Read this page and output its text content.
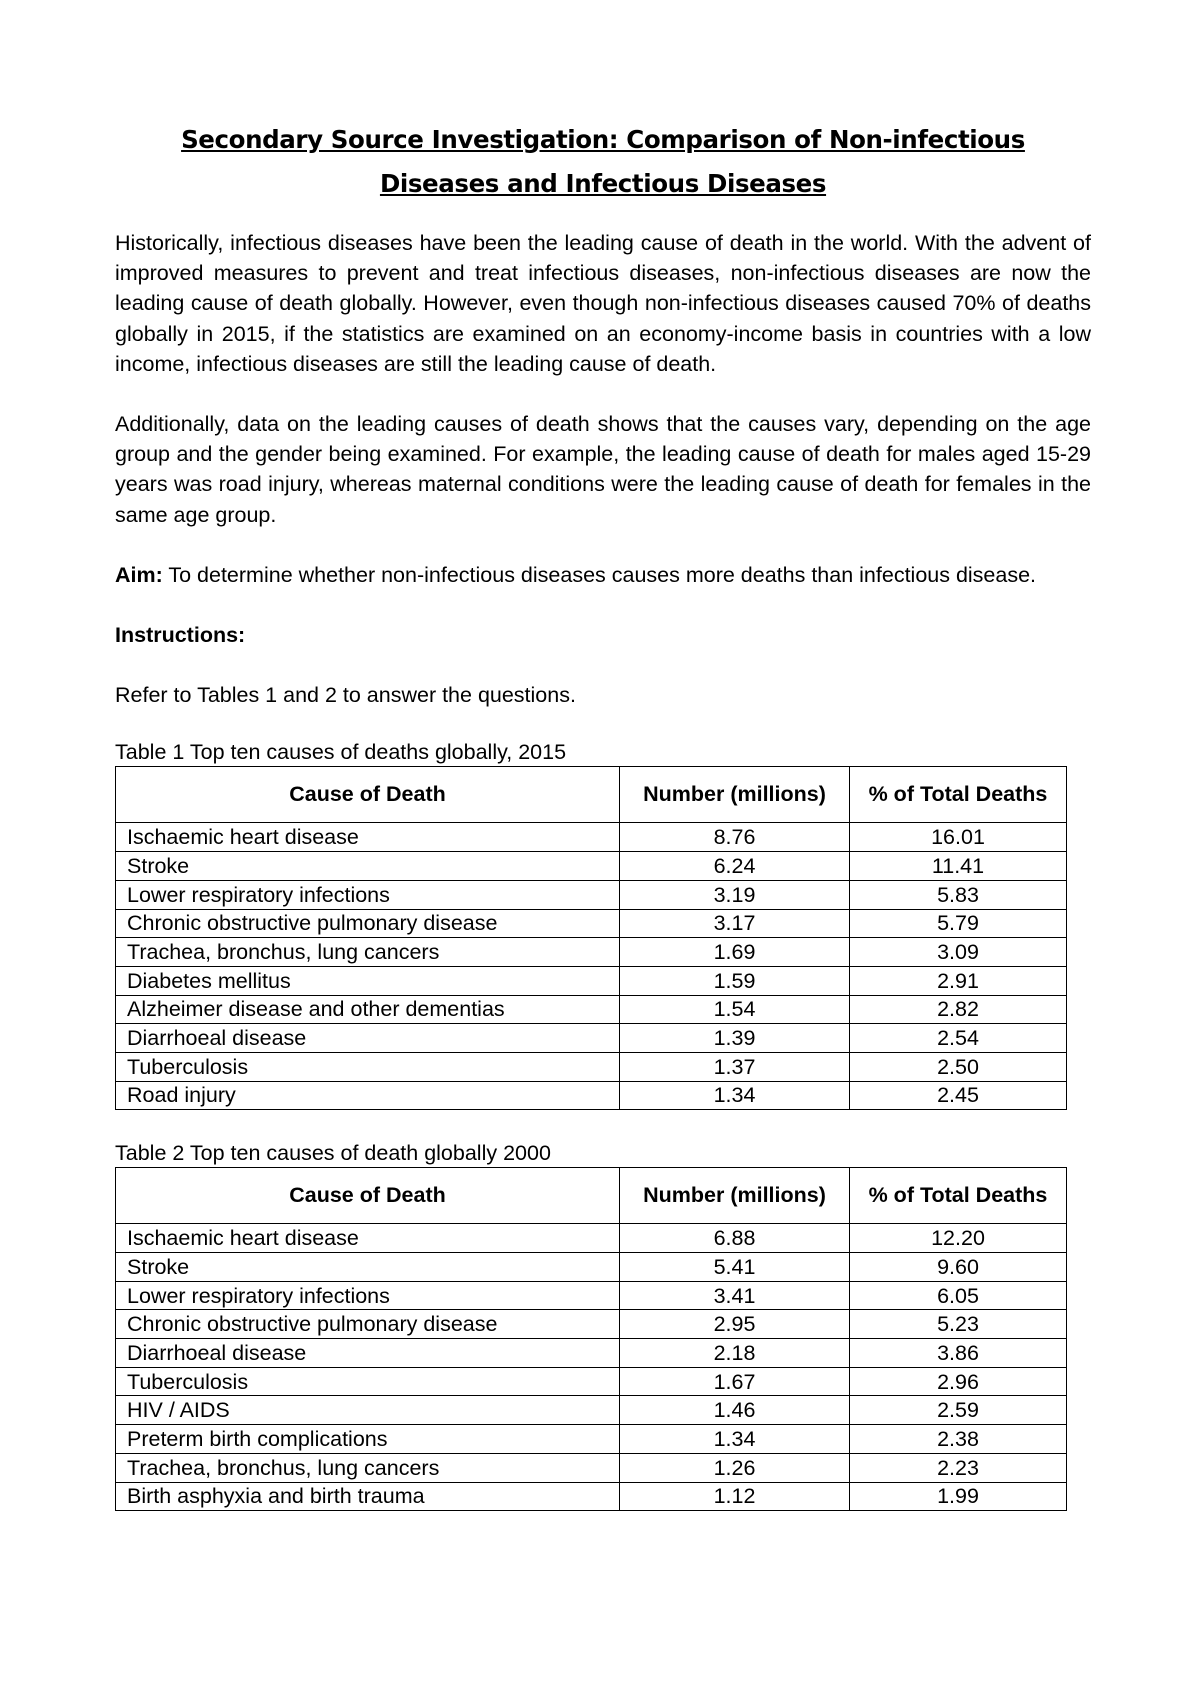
Secondary Source Investigation: Comparison of Non-infectious
Diseases and Infectious Diseases

Historically, infectious diseases have been the leading cause of death in the world. With the advent of improved measures to prevent and treat infectious diseases, non-infectious diseases are now the leading cause of death globally. However, even though non-infectious diseases caused 70% of deaths globally in 2015, if the statistics are examined on an economy-income basis in countries with a low income, infectious diseases are still the leading cause of death.

Additionally, data on the leading causes of death shows that the causes vary, depending on the age group and the gender being examined. For example, the leading cause of death for males aged 15-29 years was road injury, whereas maternal conditions were the leading cause of death for females in the same age group.

Aim: To determine whether non-infectious diseases causes more deaths than infectious disease.

Instructions:

Refer to Tables 1 and 2 to answer the questions.

Table 1 Top ten causes of deaths globally, 2015

Cause of Death	Number (millions)	% of Total Deaths
Ischaemic heart disease	8.76	16.01
Stroke	6.24	11.41
Lower respiratory infections	3.19	5.83
Chronic obstructive pulmonary disease	3.17	5.79
Trachea, bronchus, lung cancers	1.69	3.09
Diabetes mellitus	1.59	2.91
Alzheimer disease and other dementias	1.54	2.82
Diarrhoeal disease	1.39	2.54
Tuberculosis	1.37	2.50
Road injury	1.34	2.45

Table 2 Top ten causes of death globally 2000

Cause of Death	Number (millions)	% of Total Deaths
Ischaemic heart disease	6.88	12.20
Stroke	5.41	9.60
Lower respiratory infections	3.41	6.05
Chronic obstructive pulmonary disease	2.95	5.23
Diarrhoeal disease	2.18	3.86
Tuberculosis	1.67	2.96
HIV / AIDS	1.46	2.59
Preterm birth complications	1.34	2.38
Trachea, bronchus, lung cancers	1.26	2.23
Birth asphyxia and birth trauma	1.12	1.99
